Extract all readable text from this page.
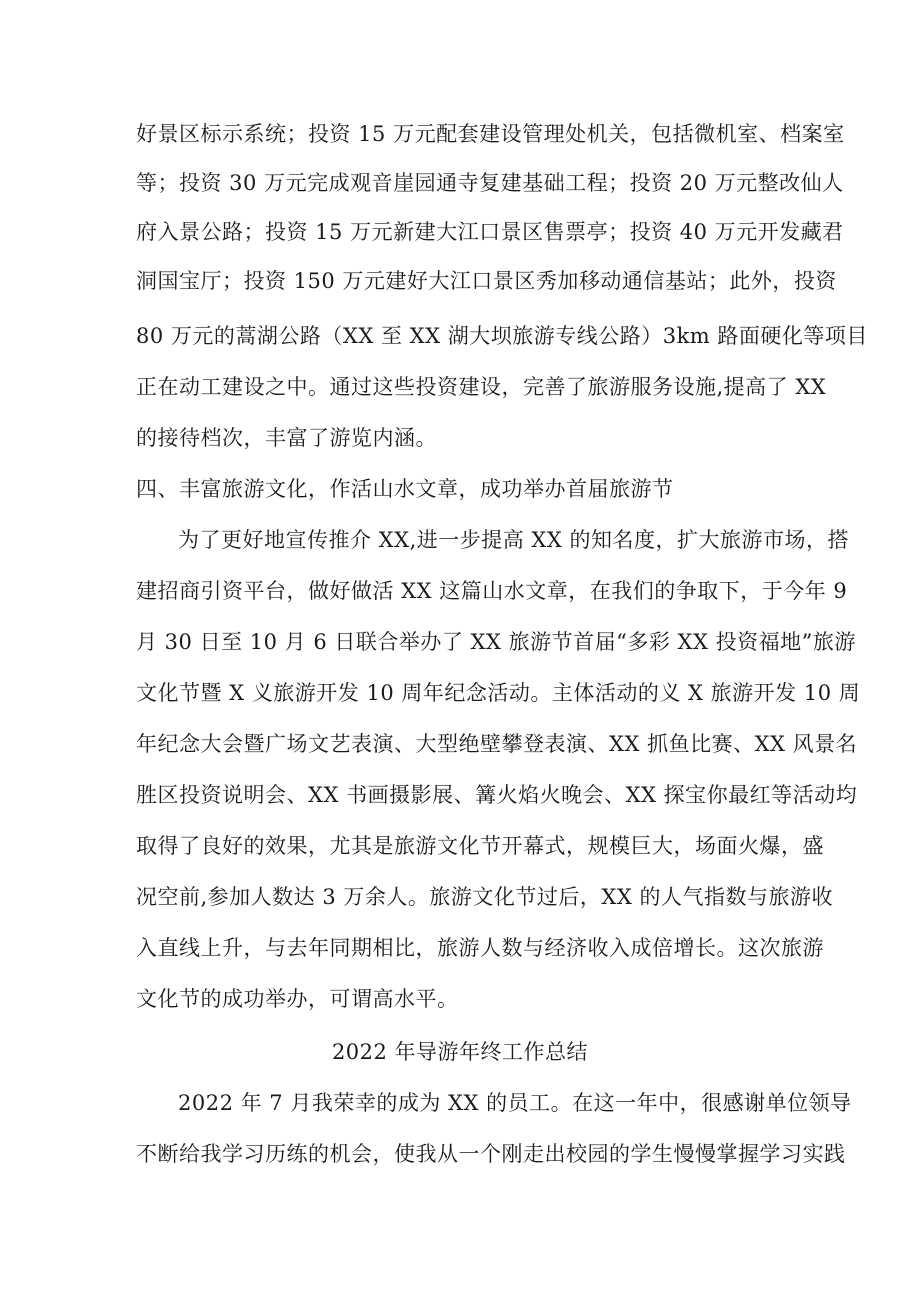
好景区标示系统；投资 15 万元配套建设管理处机关，包括微机室、档案室
等；投资 30 万元完成观音崖园通寺复建基础工程；投资 20 万元整改仙人
府入景公路；投资 15 万元新建大江口景区售票亭；投资 40 万元开发藏君
洞国宝厅；投资 150 万元建好大江口景区秀加移动通信基站；此外，投资
80 万元的蒿湖公路（XX 至 XX 湖大坝旅游专线公路）3km 路面硬化等项目
正在动工建设之中。通过这些投资建设，完善了旅游服务设施,提高了 XX
的接待档次，丰富了游览内涵。
四、丰富旅游文化，作活山水文章，成功举办首届旅游节
为了更好地宣传推介 XX,进一步提高 XX 的知名度，扩大旅游市场，搭
建招商引资平台，做好做活 XX 这篇山水文章，在我们的争取下，于今年 9
月 30 日至 10 月 6 日联合举办了 XX 旅游节首届“多彩 XX 投资福地”旅游
文化节暨 X 义旅游开发 10 周年纪念活动。主体活动的义 X 旅游开发 10 周
年纪念大会暨广场文艺表演、大型绝壁攀登表演、XX 抓鱼比赛、XX 风景名
胜区投资说明会、XX 书画摄影展、篝火焰火晚会、XX 探宝你最红等活动均
取得了良好的效果，尤其是旅游文化节开幕式，规模巨大，场面火爆，盛
况空前,参加人数达 3 万余人。旅游文化节过后，XX 的人气指数与旅游收
入直线上升，与去年同期相比，旅游人数与经济收入成倍增长。这次旅游
文化节的成功举办，可谓高水平。
2022 年导游年终工作总结
2022 年 7 月我荣幸的成为 XX 的员工。在这一年中，很感谢单位领导
不断给我学习历练的机会，使我从一个刚走出校园的学生慢慢掌握学习实践
